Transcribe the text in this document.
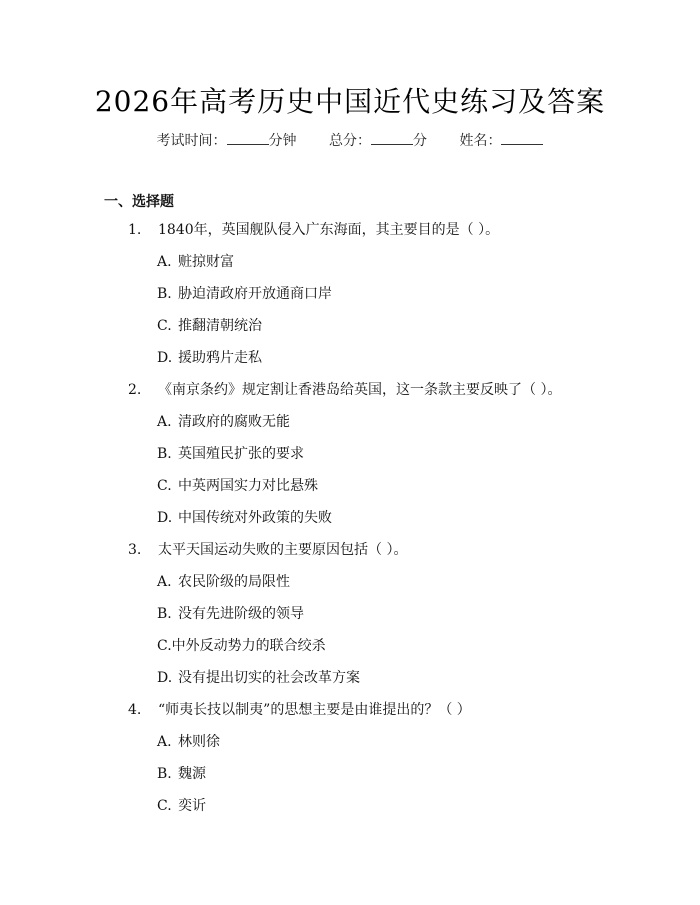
2026年高考历史中国近代史练习及答案
考试时间：	分钟 总分：	分 姓名：
一、选择题
1. 1840年，英国舰队侵入广东海面，其主要目的是（ ）。
A. 赃掠财富
B. 胁迫清政府开放通商口岸
C. 推翻清朝统治
D. 援助鸦片走私
2. 《南京条约》规定割让香港岛给英国，这一条款主要反映了（ ）。
A. 清政府的腐败无能
B. 英国殖民扩张的要求
C. 中英两国实力对比悬殊
D. 中国传统对外政策的失败
3. 太平天国运动失败的主要原因包括（ ）。
A. 农民阶级的局限性
B. 没有先进阶级的领导
C.中外反动势力的联合绞杀
D. 没有提出切实的社会改革方案
4. “师夷长技以制夷”的思想主要是由谁提出的？（ ）
A. 林则徐
B. 魏源
C. 奕䜣
